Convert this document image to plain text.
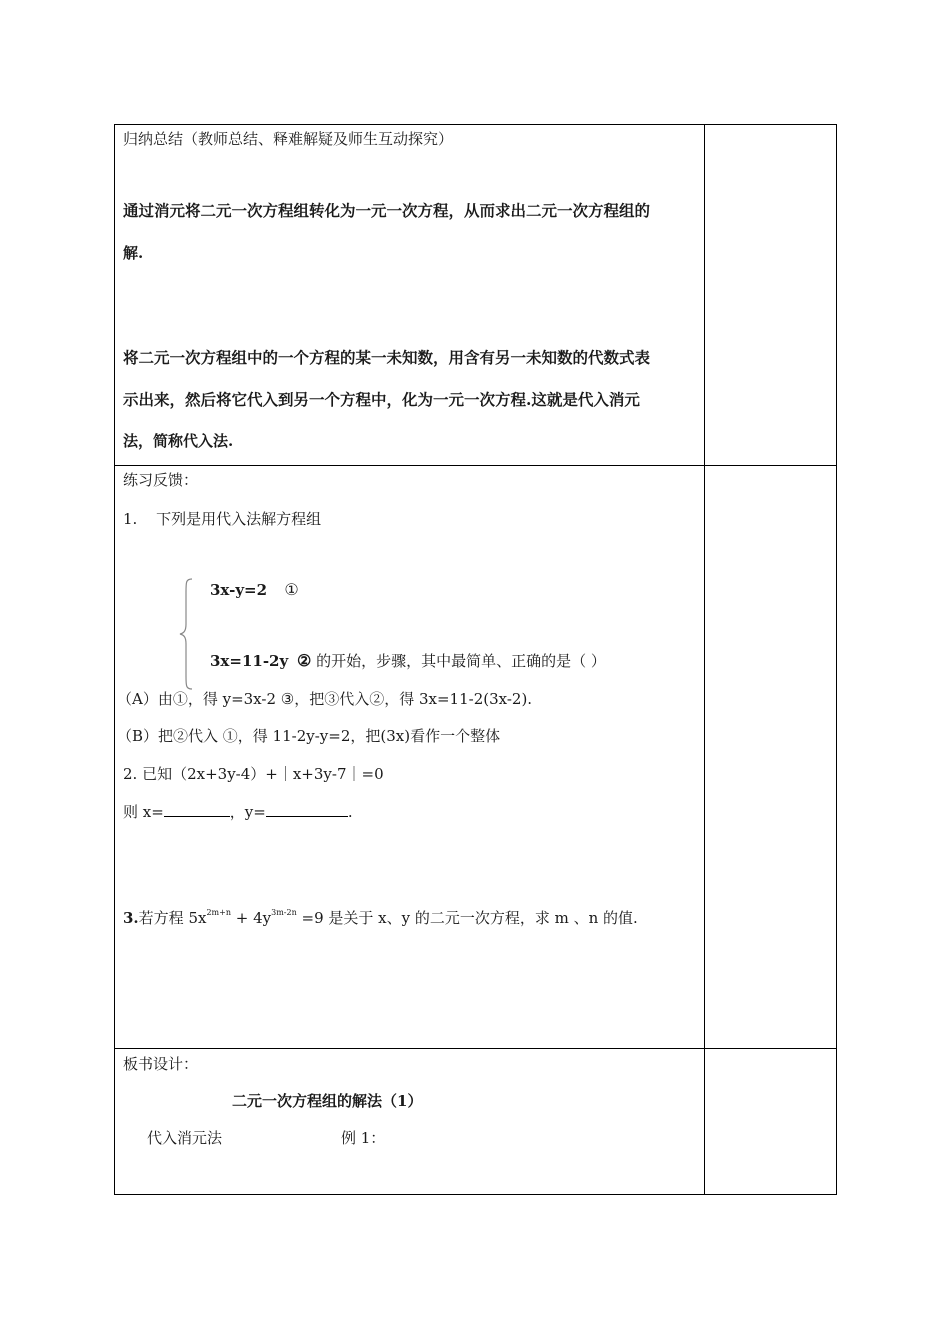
归纳总结（教师总结、释难解疑及师生互动探究）
通过消元将二元一次方程组转化为一元一次方程，从而求出二元一次方程组的
解.
将二元一次方程组中的一个方程的某一未知数，用含有另一未知数的代数式表
示出来，然后将它代入到另一个方程中，化为一元一次方程.这就是代入消元
法，简称代入法.
练习反馈：
1. 下列是用代入法解方程组
3x-y=2 ①
3x=11-2y ② 的开始，步骤，其中最简单、正确的是（ ）
（A）由①，得 y=3x-2 ③，把③代入②，得 3x=11-2(3x-2).
（B）把②代入 ①，得 11-2y-y=2，把(3x)看作一个整体
2. 已知（2x+3y-4）+｜x+3y-7｜=0
则 x=	，y=	.
3.若方程 $5x^{2m+n} + 4y^{3m-2n} =9$ 是关于 x、y 的二元一次方程，求 m 、n 的值.
板书设计：
二元一次方程组的解法（1）
代入消元法	例 1：
